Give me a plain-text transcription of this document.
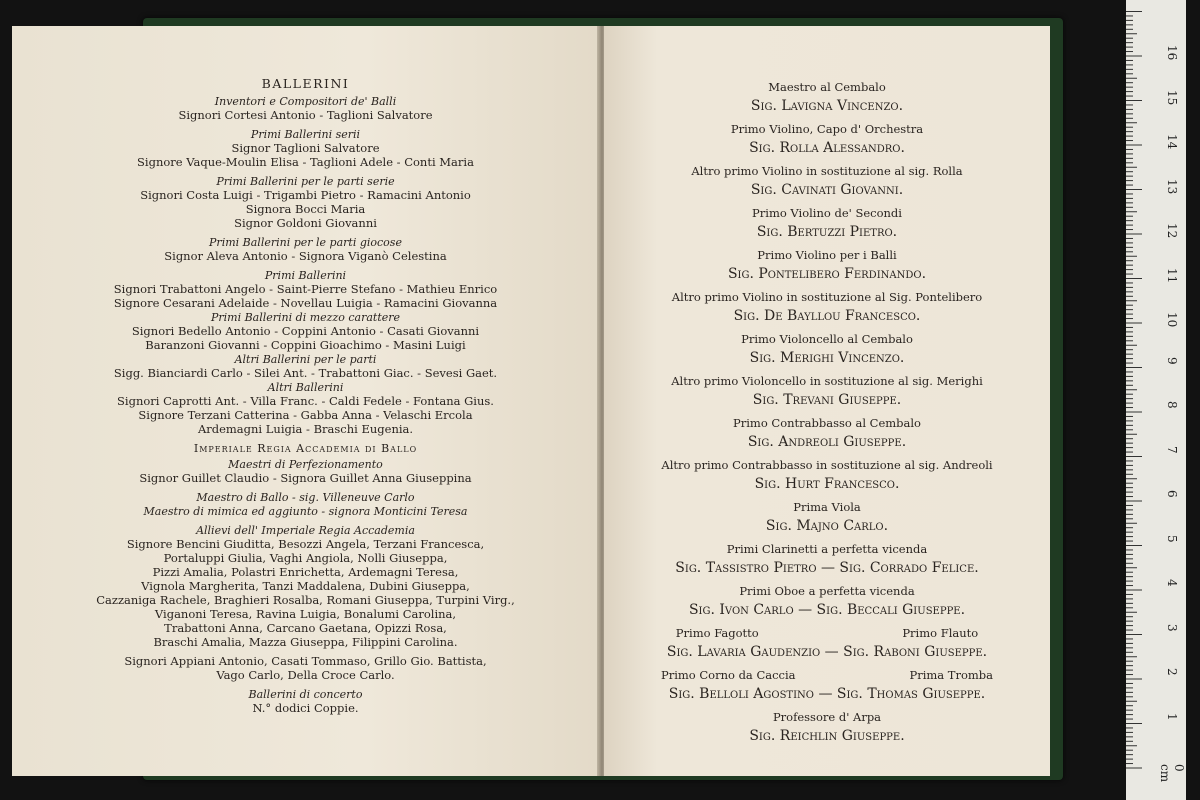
BALLERINI
Inventori e Compositori de' Balli
Signori Cortesi Antonio - Taglioni Salvatore
Primi Ballerini serii
Signor Taglioni Salvatore
Signore Vaque-Moulin Elisa - Taglioni Adele - Conti Maria
Primi Ballerini per le parti serie
Signori Costa Luigi - Trigambi Pietro - Ramacini Antonio
Signora Bocci Maria
Signor Goldoni Giovanni
Primi Ballerini per le parti giocose
Signor Aleva Antonio - Signora Viganò Celestina
Primi Ballerini
Signori Trabattoni Angelo - Saint-Pierre Stefano - Mathieu Enrico
Signore Cesarani Adelaide - Novellau Luigia - Ramacini Giovanna
Primi Ballerini di mezzo carattere
Signori Bedello Antonio - Coppini Antonio - Casati Giovanni
Baranzoni Giovanni - Coppini Gioachimo - Masini Luigi
Altri Ballerini per le parti
Sigg. Bianciardi Carlo - Silei Ant. - Trabattoni Giac. - Sevesi Gaet.
Altri Ballerini
Signori Caprotti Ant. - Villa Franc. - Caldi Fedele - Fontana Gius.
Signore Terzani Catterina - Gabba Anna - Velaschi Ercola
Ardemagni Luigia - Braschi Eugenia.
Imperiale Regia Accademia di Ballo
Maestri di Perfezionamento
Signor Guillet Claudio - Signora Guillet Anna Giuseppina
Maestro di Ballo - sig. Villeneuve Carlo
Maestro di mimica ed aggiunto - signora Monticini Teresa
Allievi dell' Imperiale Regia Accademia
Signore Bencini Giuditta, Besozzi Angela, Terzani Francesca,
Portaluppi Giulia, Vaghi Angiola, Nolli Giuseppa,
Pizzi Amalia, Polastri Enrichetta, Ardemagni Teresa,
Vignola Margherita, Tanzi Maddalena, Dubini Giuseppa,
Cazzaniga Rachele, Braghieri Rosalba, Romani Giuseppa, Turpini Virg.,
Viganoni Teresa, Ravina Luigia, Bonalumi Carolina,
Trabattoni Anna, Carcano Gaetana, Opizzi Rosa,
Braschi Amalia, Mazza Giuseppa, Filippini Carolina.
Signori Appiani Antonio, Casati Tommaso, Grillo Gio. Battista,
Vago Carlo, Della Croce Carlo.
Ballerini di concerto
N.° dodici Coppie.
Maestro al Cembalo
Sig. Lavigna Vincenzo.
Primo Violino, Capo d' Orchestra
Sig. Rolla Alessandro.
Altro primo Violino in sostituzione al sig. Rolla
Sig. Cavinati Giovanni.
Primo Violino de' Secondi
Sig. Bertuzzi Pietro.
Primo Violino per i Balli
Sig. Pontelibero Ferdinando.
Altro primo Violino in sostituzione al Sig. Pontelibero
Sig. De Bayllou Francesco.
Primo Violoncello al Cembalo
Sig. Merighi Vincenzo.
Altro primo Violoncello in sostituzione al sig. Merighi
Sig. Trevani Giuseppe.
Primo Contrabbasso al Cembalo
Sig. Andreoli Giuseppe.
Altro primo Contrabbasso in sostituzione al sig. Andreoli
Sig. Hurt Francesco.
Prima Viola
Sig. Majno Carlo.
Primi Clarinetti a perfetta vicenda
Sig. Tassistro Pietro — Sig. Corrado Felice.
Primi Oboe a perfetta vicenda
Sig. Ivon Carlo — Sig. Beccali Giuseppe.
Primo Fagotto	Primo Flauto
Sig. Lavaria Gaudenzio — Sig. Raboni Giuseppe.
Primo Corno da Caccia	Prima Tromba
Sig. Belloli Agostino — Sig. Thomas Giuseppe.
Professore d' Arpa
Sig. Reichlin Giuseppe.
0 cm
1
2
3
4
5
6
7
8
9
10
11
12
13
14
15
16
